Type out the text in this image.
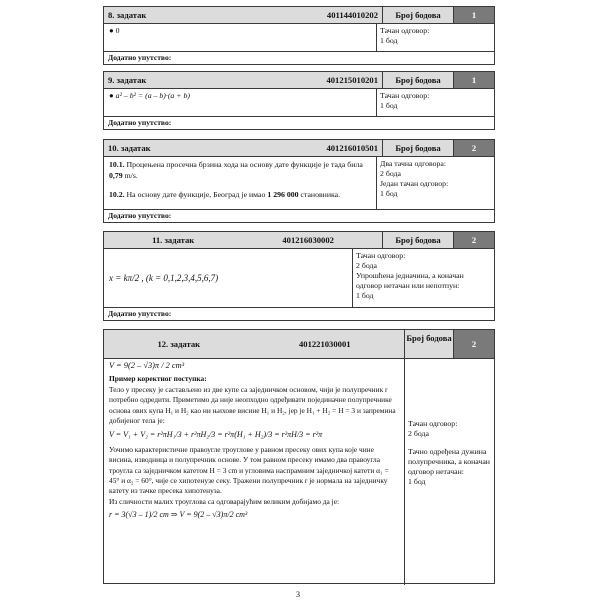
8. задатак	401144010202	Број бодова	1
● 0	Тачан одговор:

1 бод

Додатно упутство:
9. задатак	401215010201	Број бодова	1
● a² – b² = (a – b)·(a + b)	Тачан одговор:

1 бод

Додатно упутство:
10. задатак	401216010501	Број бодова	2

10.1. Процењена просечна брзина хода на основу дате функције је тада била 0,79 m/s.

10.2. На основу дате функције, Београд је имао 1 296 000 становника.

Два тачна одговора:

2 бода

Један тачан одговор:

1 бод

Додатно упутство:
11. задатак	401216030002	Број бодова	2
x = kπ/2 , (k = 0,1,2,3,4,5,6,7)

Тачан одговор:

2 бода

Упрошћена једначина, а коначан одговор нетачан или непотпун:

1 бод

Додатно упутство:
12. задатак	401221030001
Број бодова
2

V = 9(2 – √3)π / 2 cm³

Пример коректног поступка:

Тело у пресеку је састављено из две купе са заједничком основом, чији је полупречник r потребно одредити. Приметимо да није неопходно одређивати појединачне полупречнике основа ових купа H₁ и H₂ као ни њихове висине H₁ и H₂, јер је H₁ + H₂ = H = 3 и запремина добијеног тела је:

V = V₁ + V₂ = r²πH₁/3 + r²πH₂/3 = r²π(H₁ + H₂)/3 = r²πH/3 = r²π

Уочимо карактеристичне правоугле троуглове у равном пресеку ових купа које чине висина, изводница и полупречник основе. У том равном пресеку имамо два правоугла троугла са заједничком катетом H = 3 cm и угловима наспрамним заједничкој катети α₁ = 45° и α₂ = 60°, чије се хипотенузе секу. Тражени полупречник r је нормала на заједничку катету из тачке пресека хипотенуза.

Из сличности малих троуглова са одговарајућим великим добијамо да је:

r = 3(√3 – 1)/2 cm ⇒ V = 9(2 – √3)π/2 cm³

Тачан одговор:

2 бода

Тачно одређена дужина полупречника, а коначан одговор нетачан:

1 бод

3
